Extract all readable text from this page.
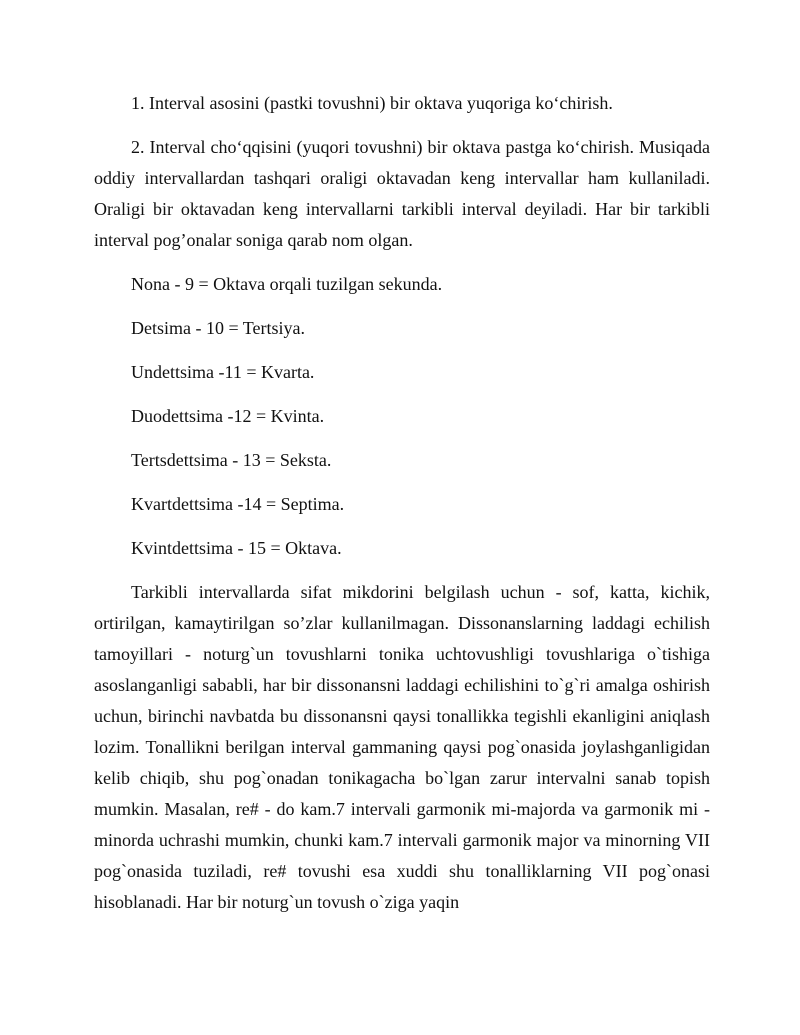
1. Interval asosini (pastki tovushni) bir oktava yuqoriga ko‘chirish.

2. Interval cho‘qqisini (yuqori tovushni) bir oktava pastga ko‘chirish. Musiqada oddiy intervallardan tashqari oraligi oktavadan keng intervallar ham kullaniladi. Oraligi bir oktavadan keng intervallarni tarkibli interval deyiladi. Har bir tarkibli interval pog’onalar soniga qarab nom olgan.

Nona - 9 = Oktava orqali tuzilgan sekunda.

Detsima - 10 = Tertsiya.

Undettsima -11 = Kvarta.

Duodettsima -12 = Kvinta.

Tertsdettsima - 13 = Seksta.

Kvartdettsima -14 = Septima.

Kvintdettsima - 15 = Oktava.

Tarkibli intervallarda sifat mikdorini belgilash uchun - sof, katta, kichik, ortirilgan, kamaytirilgan so’zlar kullanilmagan. Dissonanslarning laddagi echilish tamoyillari - noturg`un tovushlarni tonika uchtovushligi tovushlariga o`tishiga asoslanganligi sababli, har bir dissonansni laddagi echilishini to`g`ri amalga oshirish uchun, birinchi navbatda bu dissonansni qaysi tonallikka tegishli ekanligini aniqlash lozim. Tonallikni berilgan interval gammaning qaysi pog`onasida joylashganligidan kelib chiqib, shu pog`onadan tonikagacha bo`lgan zarur intervalni sanab topish mumkin. Masalan, re# - do kam.7 intervali garmonik mi-majorda va garmonik mi - minorda uchrashi mumkin, chunki kam.7 intervali garmonik major va minorning VII pog`onasida tuziladi, re# tovushi esa xuddi shu tonalliklarning VII pog`onasi hisoblanadi. Har bir noturg`un tovush o`ziga yaqin
